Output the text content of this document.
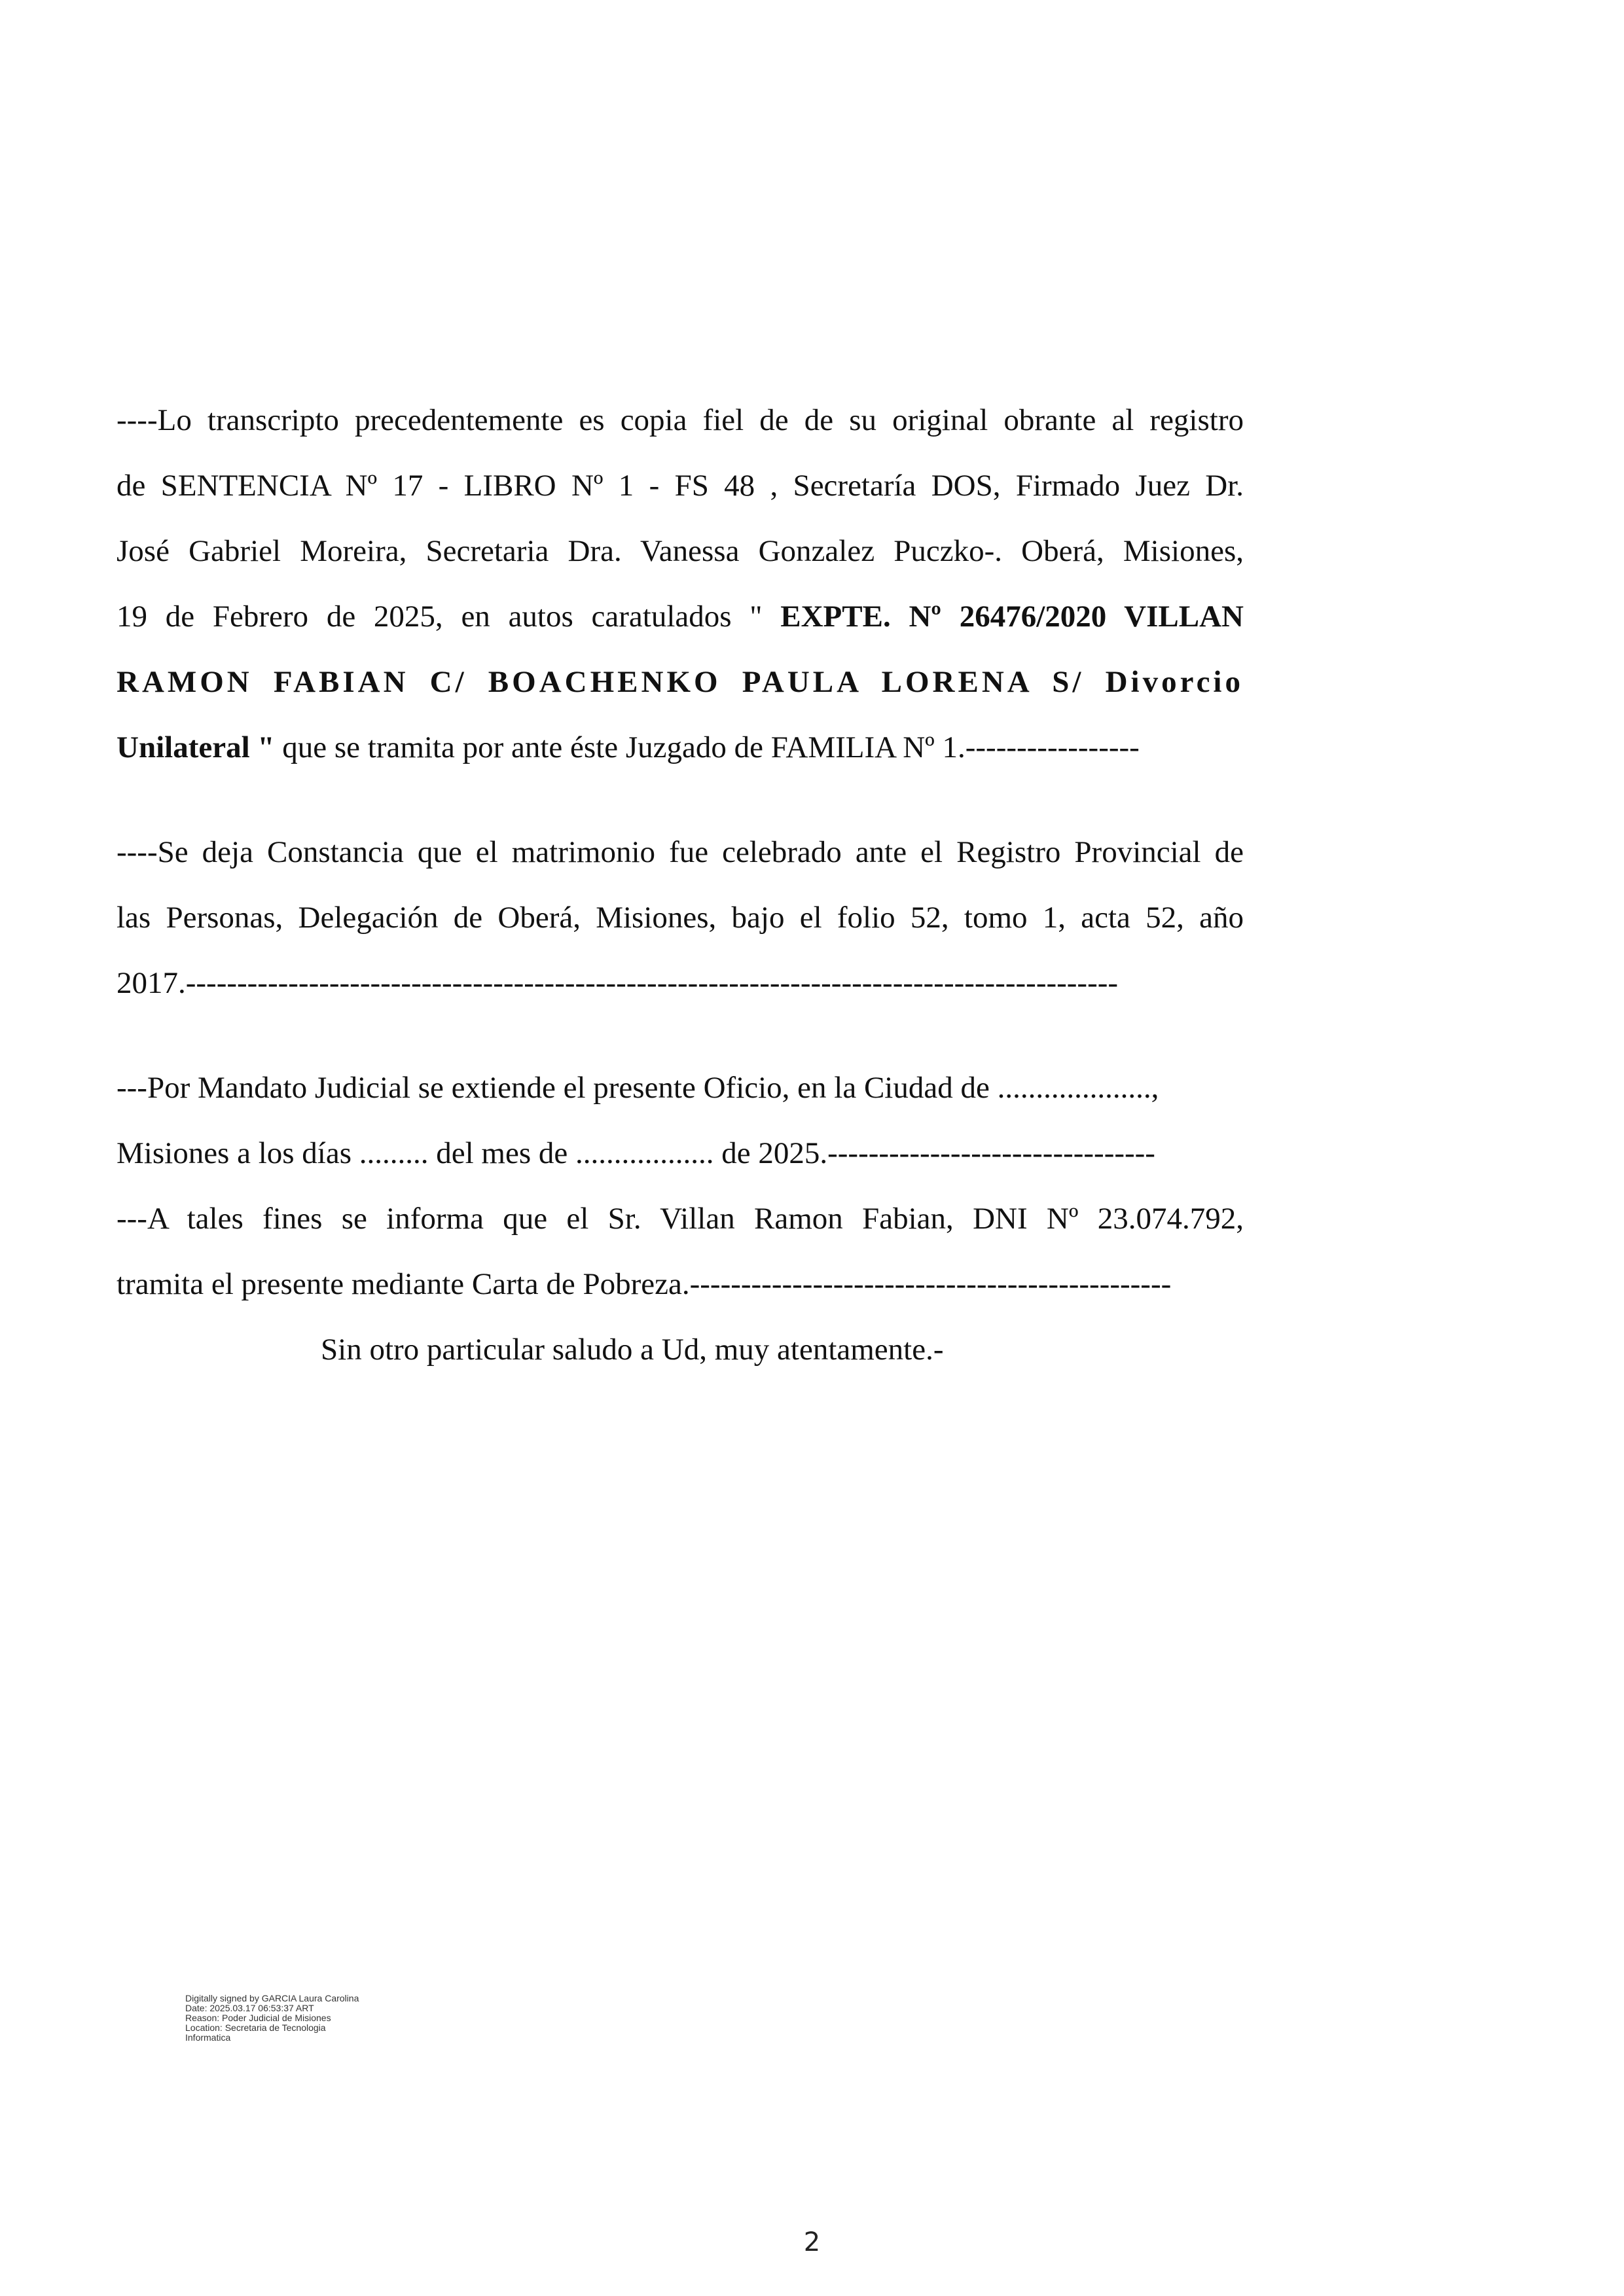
----Lo transcripto precedentemente es copia fiel de de su original obrante al registro
de SENTENCIA Nº 17 - LIBRO Nº 1 - FS 48 , Secretaría DOS, Firmado Juez Dr.
José Gabriel Moreira, Secretaria Dra. Vanessa Gonzalez Puczko-. Oberá, Misiones,
19 de Febrero de 2025, en autos caratulados " EXPTE. Nº 26476/2020 VILLAN
RAMON FABIAN C/ BOACHENKO PAULA LORENA S/ Divorcio
Unilateral " que se tramita por ante éste Juzgado de FAMILIA Nº 1.-----------------
----Se deja Constancia que el matrimonio fue celebrado ante el Registro Provincial de
las Personas, Delegación de Oberá, Misiones, bajo el folio 52, tomo 1, acta 52, año
2017.-------------------------------------------------------------------------------------------
---Por Mandato Judicial se extiende el presente Oficio, en la Ciudad de ....................,
Misiones a los días ......... del mes de .................. de 2025.--------------------------------
---A tales fines se informa que el Sr. Villan Ramon Fabian, DNI Nº 23.074.792,
tramita el presente mediante Carta de Pobreza.-----------------------------------------------
Sin otro particular saludo a Ud, muy atentamente.-
Digitally signed by GARCIA Laura Carolina
Date: 2025.03.17 06:53:37 ART
Reason: Poder Judicial de Misiones
Location: Secretaria de Tecnologia
Informatica
2
